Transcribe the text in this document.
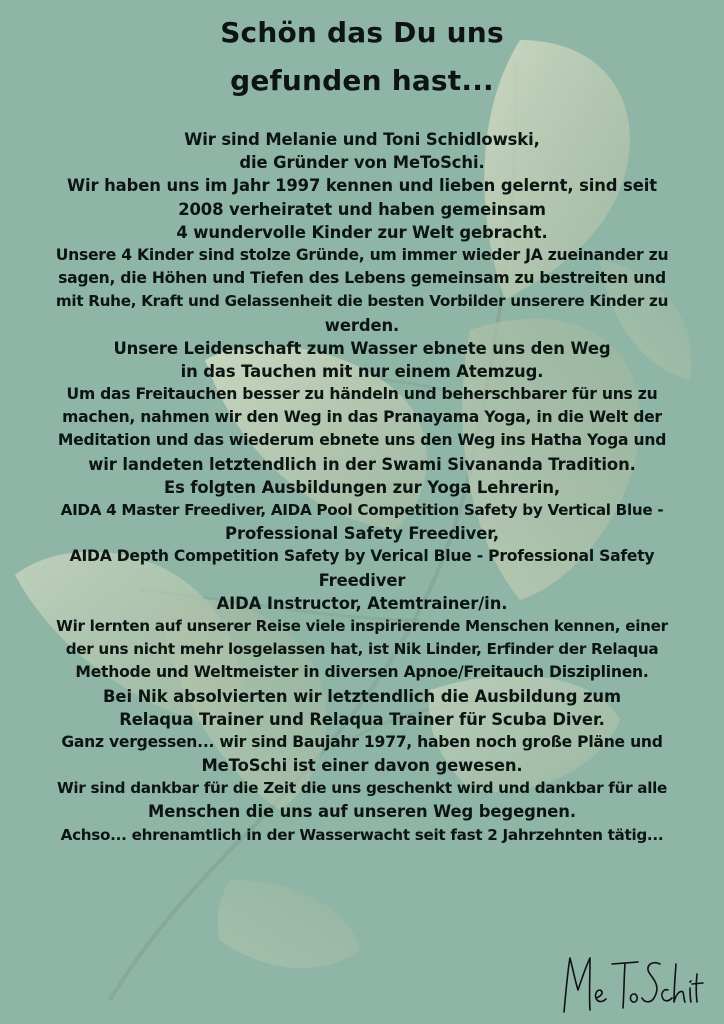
Schön das Du uns
gefunden hast...
Wir sind Melanie und Toni Schidlowski,
die Gründer von MeToSchi.
Wir haben uns im Jahr 1997 kennen und lieben gelernt, sind seit
2008 verheiratet und haben gemeinsam
4 wundervolle Kinder zur Welt gebracht.
Unsere 4 Kinder sind stolze Gründe, um immer wieder JA zueinander zu
sagen, die Höhen und Tiefen des Lebens gemeinsam zu bestreiten und
mit Ruhe, Kraft und Gelassenheit die besten Vorbilder unserere Kinder zu
werden.
Unsere Leidenschaft zum Wasser ebnete uns den Weg
in das Tauchen mit nur einem Atemzug.
Um das Freitauchen besser zu händeln und beherschbarer für uns zu
machen, nahmen wir den Weg in das Pranayama Yoga, in die Welt der
Meditation und das wiederum ebnete uns den Weg ins Hatha Yoga und
wir landeten letztendlich in der Swami Sivananda Tradition.
Es folgten Ausbildungen zur Yoga Lehrerin,
AIDA 4 Master Freediver, AIDA Pool Competition Safety by Vertical Blue -
Professional Safety Freediver,
AIDA Depth Competition Safety by Verical Blue - Professional Safety
Freediver
AIDA Instructor, Atemtrainer/in.
Wir lernten auf unserer Reise viele inspirierende Menschen kennen, einer
der uns nicht mehr losgelassen hat, ist Nik Linder, Erfinder der Relaqua
Methode und Weltmeister in diversen Apnoe/Freitauch Disziplinen.
Bei Nik absolvierten wir letztendlich die Ausbildung zum
Relaqua Trainer und Relaqua Trainer für Scuba Diver.
Ganz vergessen... wir sind Baujahr 1977, haben noch große Pläne und
MeToSchi ist einer davon gewesen.
Wir sind dankbar für die Zeit die uns geschenkt wird und dankbar für alle
Menschen die uns auf unseren Weg begegnen.
Achso... ehrenamtlich in der Wasserwacht seit fast 2 Jahrzehnten tätig...
